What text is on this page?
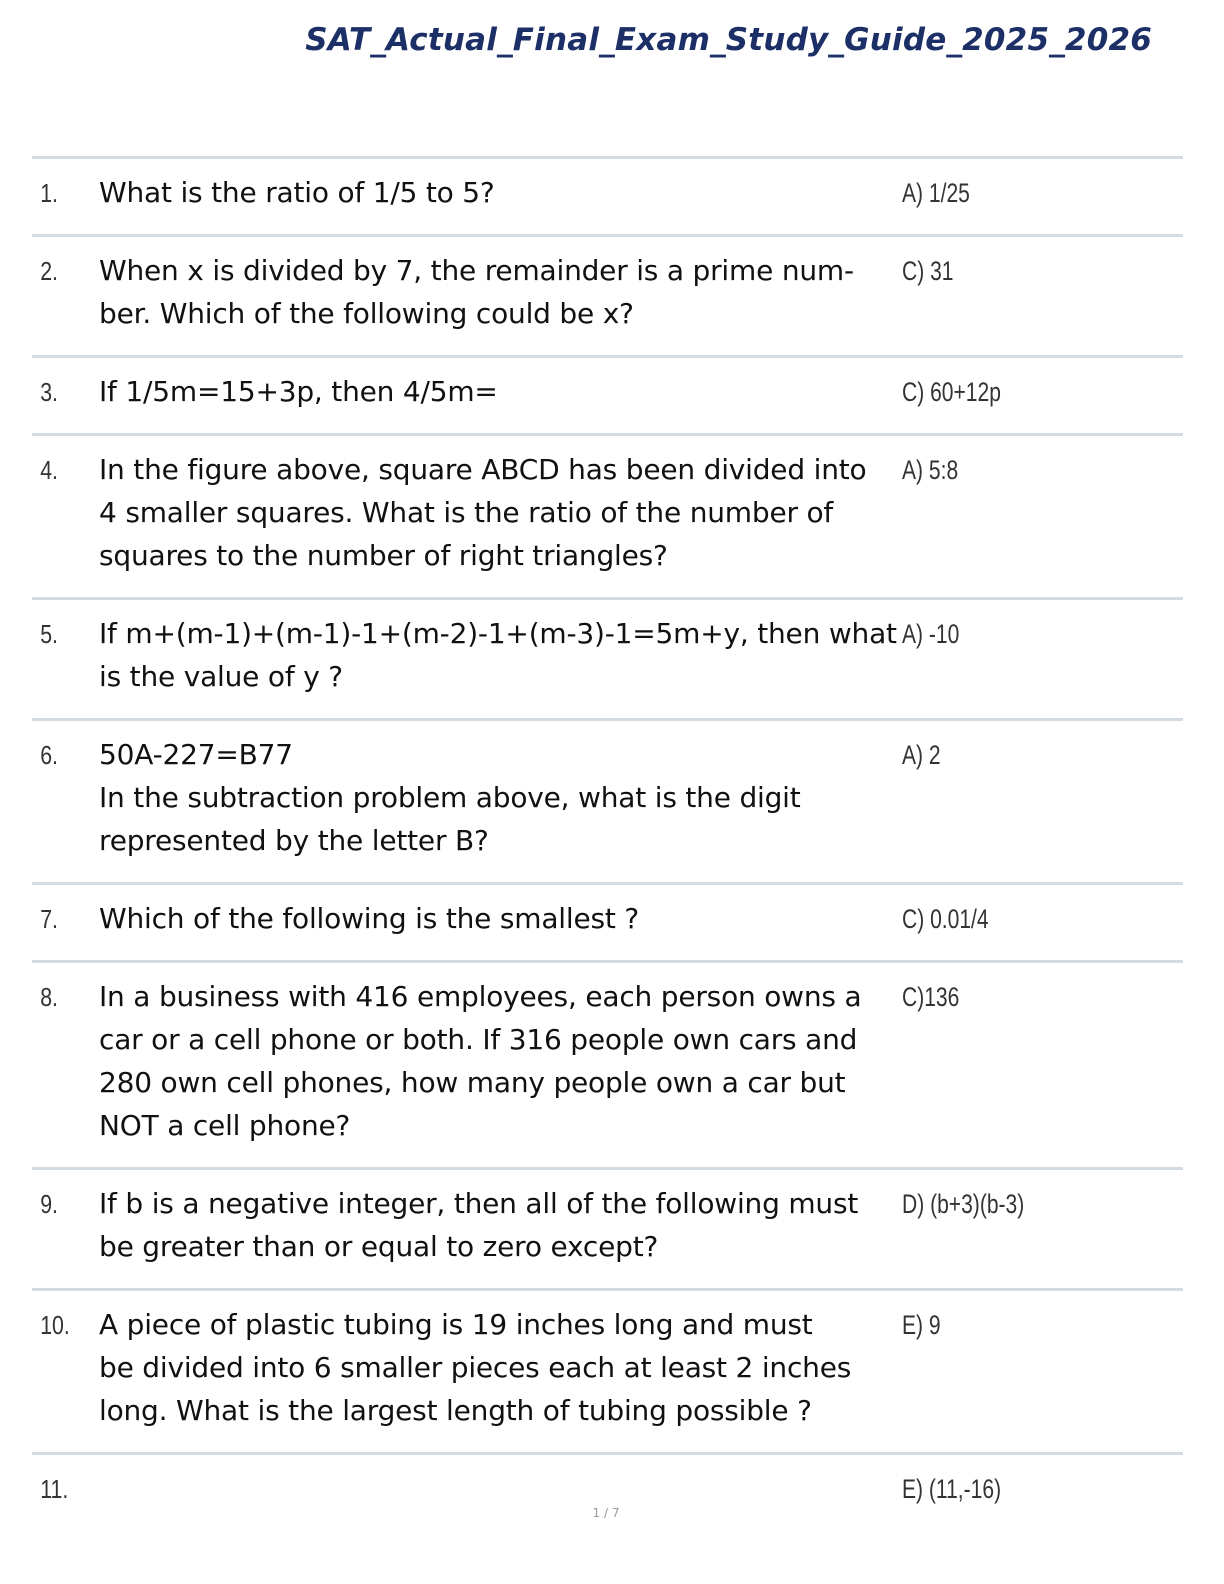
SAT_Actual_Final_Exam_Study_Guide_2025_2026
1.	What is the ratio of 1/5 to 5?	A) 1/25
2.	When x is divided by 7, the remainder is a prime num-
ber. Which of the following could be x?
C) 31
3.	If 1/5m=15+3p, then 4/5m=	C) 60+12p
4.	In the figure above, square ABCD has been divided into
4 smaller squares. What is the ratio of the number of
squares to the number of right triangles?
A) 5:8
5.	If m+(m-1)+(m-1)-1+(m-2)-1+(m-3)-1=5m+y, then what
is the value of y ?
A) -10
6.	50A-227=B77
In the subtraction problem above, what is the digit
represented by the letter B?
A) 2
7.	Which of the following is the smallest ?	C) 0.01/4
8.	In a business with 416 employees, each person owns a
car or a cell phone or both. If 316 people own cars and
280 own cell phones, how many people own a car but
NOT a cell phone?
C)136
9.	If b is a negative integer, then all of the following must
be greater than or equal to zero except?
D) (b+3)(b-3)
10.	A piece of plastic tubing is 19 inches long and must
be divided into 6 smaller pieces each at least 2 inches
long. What is the largest length of tubing possible ?
E) 9
11.	E) (11,-16)
1 / 7
